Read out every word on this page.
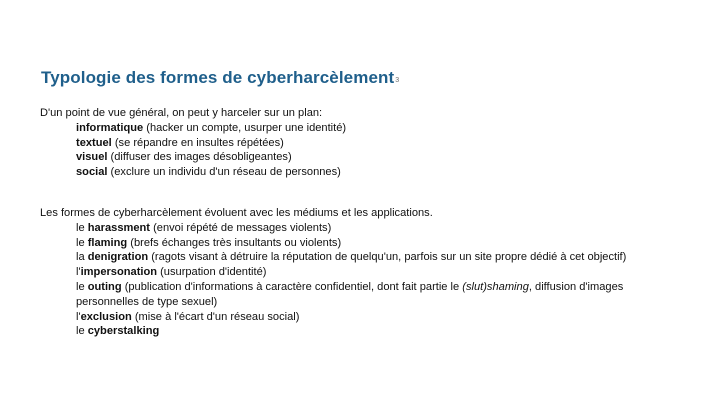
Typologie des formes de cyberharcèlement3
D'un point de vue général, on peut y harceler sur un plan:
informatique (hacker un compte, usurper une identité)
textuel (se répandre en insultes répétées)
visuel (diffuser des images désobligeantes)
social (exclure un individu d'un réseau de personnes)
Les formes de cyberharcèlement évoluent avec les médiums et les applications.
le harassment (envoi répété de messages violents)
le flaming (brefs échanges très insultants ou violents)
la denigration (ragots visant à détruire la réputation de quelqu'un, parfois sur un site propre dédié à cet objectif)
l'impersonation (usurpation d'identité)
le outing (publication d'informations à caractère confidentiel, dont fait partie le (slut)shaming, diffusion d'images personnelles de type sexuel)
l'exclusion (mise à l'écart d'un réseau social)
le cyberstalking
